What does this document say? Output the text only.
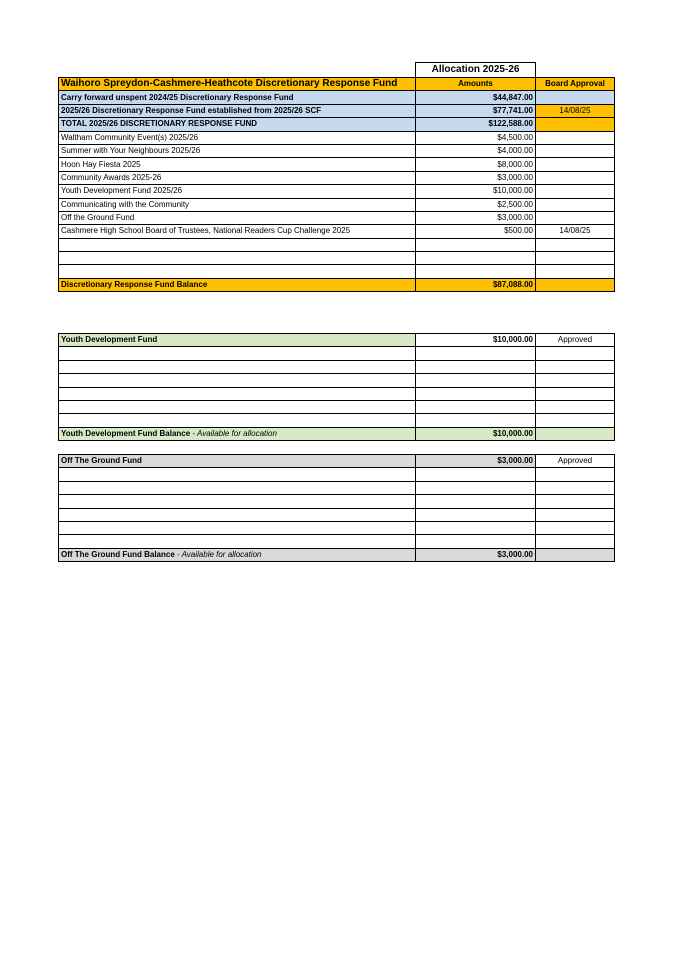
	Allocation 2025-26	
Waihoro Spreydon-Cashmere-Heathcote Discretionary Response Fund	Amounts	Board Approval
Carry forward unspent 2024/25 Discretionary Response Fund	$44,847.00	
2025/26 Discretionary Response Fund established from 2025/26 SCF	$77,741.00	14/08/25
TOTAL 2025/26 DISCRETIONARY RESPONSE FUND	$122,588.00	
Waltham Community Event(s) 2025/26	$4,500.00	
Summer with Your Neighbours 2025/26	$4,000.00	
Hoon Hay Fiesta 2025	$8,000.00	
Community Awards 2025-26	$3,000.00	
Youth Development Fund 2025/26	$10,000.00	
Communicating with the Community	$2,500.00	
Off the Ground Fund	$3,000.00	
Cashmere High School Board of Trustees, National Readers Cup Challenge 2025	$500.00	14/08/25

Discretionary Response Fund Balance	$87,088.00	
Youth Development Fund	$10,000.00	Approved

Youth Development Fund Balance - Available for allocation	$10,000.00	
Off The Ground Fund	$3,000.00	Approved

Off The Ground Fund Balance - Available for allocation	$3,000.00	
